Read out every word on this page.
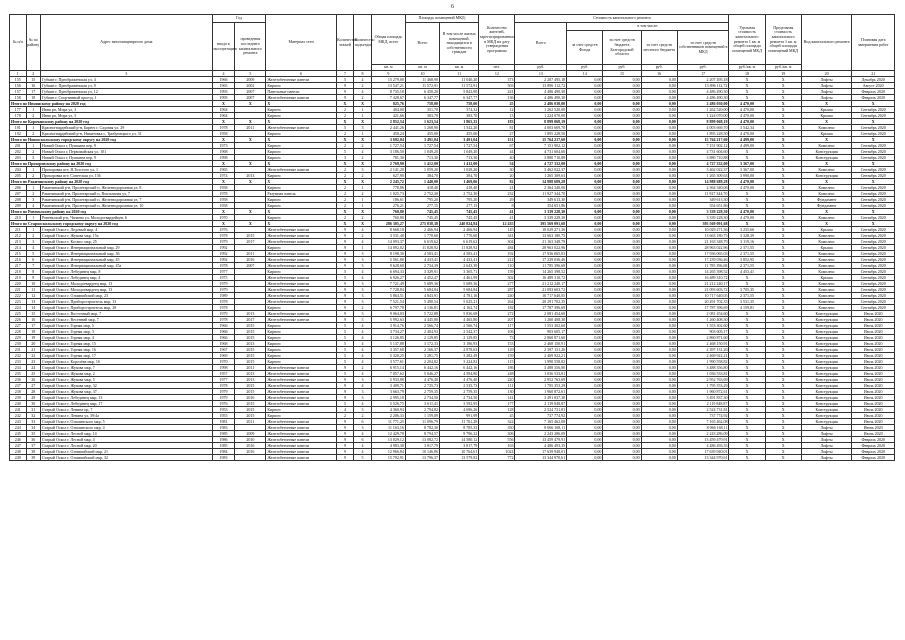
6
№ п/п	№ по району	Адрес многоквартирного дома	Год		Материал стен	Количество этажей	Количество подъездов	Общая площадь МКД, всего	Площадь помещений МКД:		Количество жителей, зарегистрированных в МКД на дату утверждения программы	Стоимость капитального ремонта					Удельная стоимость капитального ремонта 1 кв. м общей площади помещений МКД	Предельная стоимость капитального ремонта 1 кв. м общей площади помещений МКД	Вид капитального ремонта	Плановая дата завершения работ
			ввода в эксплуатацию	проведения последнего капитального ремонта					Всего	В том числе жилых помещений, находящихся в собственности граждан		Всего	в том числе:							
													за счет средств Фонда	за счет средств бюджета Белгородской области	за счет средств местного бюджета	за счет средств собственников помещений в МКД				
								кв. м	кв. м	кв. м	чел.	руб.	руб.	руб.	руб.	руб.	руб./кв. м	руб./кв. м		
1	2	3	4	5	6	7	8	9	10	11	12	13	14	15	16	17	18	19	20	21
155	15	Губкин г, Преображенская ул, 4	1966	2009	Железобетонные панели	5	4	15 279,00	11 468,90	11 040,20	373	2 207 495,18	0,00	0,00	0,00	2 207 495,18	X	X	Лифты	Декабрь 2020
156	16	Губкин г, Преображенская ул, 9	1965	2002	Кирпич	9	2	13 547,21	11 572,91	11 572,91	503	13 896 112,72	0,00	0,00	0,00	13 896 112,72	X	X	Лифты	Август 2020
157	17	Губкин г, Преображенская ул, 12	1993	2007	Панельные панели	9	4	8 735,18	6 450,20	5 843,80	241	4 486 490,30	0,00	0,00	0,00	4 486 490,30	X	X	Лифты	Февраль 2020
158	18	Губкин г, Спортивный проезд, 1	1995	2007	Железобетонные панели	9	2	7 428,67	6 347,77	6 347,77	136	4 486 490,30	0,00	0,00	0,00	4 486 490,30	X	X	Лифты	Февраль 2020
Итого по Ивнянскому району на 2020 год			X	X	X	X	X	825,76	758,00	758,00	25	2 486 030,00	0,00	0,00	0,00	2 486 030,00	4 470,00	X	X	X
177	1	Ивня рп, Мира ул, 3	1964		Кирпич	2	1	404,00	351,70	374,32	12	1 262 520,00	0,00	0,00	0,00	1 262 520,00	4 470,00	X	Крыша	Сентябрь 2020
178	2	Ивня рп, Мира ул, 5	1964		Кирпич	2	1	421,66	383,70	383,70	13	1 224 070,00	0,00	0,00	0,00	1 224 070,00	4 470,00	X	Крыша	Сентябрь 2020
Итого по Корочанскому району на 2020 год			X	X	X	X	X	2 852,54	1 623,54	1 865,25	183	8 899 068,19	0,00	0,00	0,00	8 899 068,19	4 470,00	X	X	X
191	1	Красногвардейский р-н, Бирюч г, Садовая ул, 29	1978	2011	Железобетонные панели	5	3	2 441,26	1 268,90	1 542,20	81	4 003 669,70	0,00	0,00	0,00	4 003 669,70	3 542,34	X	Комплекс	Сентябрь 2020
192	2	Красногвардейский р-н, Никитовка с, Трибунецкого ул, 31	1958		Кирпич	2	1	450,24	455,00	455,00	27	1 895 228,50	0,00	0,00	0,00	1 895 228,50	4 470,00	X	Крыша	Сентябрь 2020
Итого по Новооскольскому городскому округу на 2020 год			X	X	X	X	X	3 692,04	3 491,04	3 491,04	151	15 764 217,60	0,00	0,00	0,00	15 764 217,60	4 499,00	X	X	X
201	1	Новый Оскол г, Пушкина пер, 9	1973		Кирпич	2	2	1 727,54	1 727,54	1 727,54	67	7 151 902,12	0,00	0,00	0,00	7 151 902,12	4 499,00	X	Комплекс	Сентябрь 2020
202	2	Новый Оскол г, Первомайская ул, 101	1968		Кирпич	5	4	3 186,50	1 049,20	1 049,20	44	4 731 604,60	0,00	0,00	0,00	4 731 604,60	X	X	Конструкция	Сентябрь 2020
203	3	Новый Оскол г, Пушкина пер, 9	1998		Кирпич	3	2	781,30	713,30	713,30	40	3 880 710,88	0,00	0,00	0,00	3 880 710,88	X	X	Конструкция	Сентябрь 2020
Итого по Прохоровскому району на 2020 год			X	X	X	X	X	2 769,90	1 412,00	1 412,00	54	4 727 332,00	0,00	0,00	0,00	4 727 332,00	3 367,00	X	X	X
204	1	Прохоровка пгт, Я.Толстого ул, 1	1965		Железобетонные панели	2	3	2 141,20	1 059,20	1 028,20	30	3 462 022,37	0,00	0,00	0,00	3 462 022,37	3 367,00	X	Комплекс	Сентябрь 2020
205	2	Прохоровка пгт, Советская ул, 136	1974	2013	Кирпич	2	2	627,90	384,70	384,70	20	1 265 309,63	0,00	0,00	0,00	1 265 309,63	3 990,00	X	Конструкция	Сентябрь 2020
Итого по Ракитянскому району на 2020 год			X	X	X	X	X	2 245,72	1 440,00	1 469,06	82	14 988 689,28	0,00	0,00	0,00	14 988 689,28	4 470,00	X	X	X
206	1	Ракитянский р-н, Пролетарский п, Железнодорожная ул, 8	1958		Кирпич	2	1	778,86	418,40	418,40	21	2 364 340,06	0,00	0,00	0,00	2 364 340,06	4 470,00	X	Комплекс	Сентябрь 2020
207	2	Ракитянский р-н, Пролетарский п, Вокзальная ул, 7	1978		Разумная панель	2	2	1 025,73	2 752,30	2 752,30	232	11 927 344,70	0,00	0,00	0,00	11 927 344,70	X	X	Комплекс	Сентябрь 2020
208	3	Ракитянский р-н, Пролетарский п, Железнодорожная ул, 7	1958		Кирпич	2	1	186,61	795,20	795,20	29	349 613,30	0,00	0,00	0,00	349 613,30	X	X	Фундамент	Сентябрь 2020
209	4	Ракитянский р-н, Пролетарский п, Железнодорожная ул, 10	1958		Кирпич	2	1	276,21	277,15	277,15	8	354 651,86	0,00	0,00	0,00	354 651,86	X	X	Фундамент	Сентябрь 2020
Итого по Ровеньскому району на 2020 год			X	X	X	X	X	760,80	745,45	745,45	41	3 339 228,30	0,00	0,00	0,00	3 339 228,30	4 470,00	X	X	X
210	1	Ровеньский р-н, Чапаева ул, Молодогвардейцев, 6	1970		Кирпич	2	2	760,80	745,45	745,45	41	3 339 228,30	0,00	0,00	0,00	3 339 228,30	4 470,00	X	Комплекс	Сентябрь 2020
Итого по Старооскольскому городскому округу на 2020 год			X	X	X	X	X	286 305,27	275 038,38	240 824,84	12 435	395 569 091,68	0,00	0,00	0,00	395 569 091,68	X	X	X	X
211	1	Старый Оскол г, Ледовый мкр, 4	1976		Железобетонные панели	9	4	8 668,18	2 466,94	2 466,94	145	10 029 271,36	0,00	0,00	0,00	10 029 271,36	3 235,66	X	Крыша	Сентябрь 2020
212	2	Старый Оскол г, Жукова мкр, 15а	1978	2015	Железобетонные панели	9	2	3 531,40	1 770,60	1 770,60	341	13 663 180,75	0,00	0,00	0,00	13 663 180,75	3 328,39	X	Комплекс	Сентябрь 2020
213	3	Старый Оскол г, Космос мкр, 25	1979	2017	Железобетонные панели	9	4	14 093,37	6 619,62	6 619,62	304	21 163 348,79	0,00	0,00	0,00	21 163 348,79	3 119,16	X	Комплекс	Сентябрь 2020
214	4	Старый Оскол г, Интернациональный мкр, 29	1992		Кирпич	9	1	14 092,02	11 828,92	11 828,92	484	28 963 022,96	0,00	0,00	0,00	28 963 022,96	2 371,55	X	Крыша	Сентябрь 2020
215	5	Старый Оскол г, Интернациональный мкр, 36	1992	2011	Железобетонные панели	9	3	8 198,30	4 583,41	4 583,41	192	17 936 065,03	0,00	0,00	0,00	17 936 065,03	2 371,55	X	Комплекс	Сентябрь 2020
216	6	Старый Оскол г, Интернациональный мкр, 45	1992	2016	Железобетонные панели	9	3	5 561,80	4 433,41	4 433,41	212	17 239 036,46	0,00	0,00	0,00	17 239 036,46	3 852,95	X	Комплекс	Сентябрь 2020
217	7	Старый Оскол г, Интернациональный мкр, 45а	1978	2007	Железобетонные панели	9	3	9 628,60	2 734,39	2 643,39	110	11 785 396,68	0,00	0,00	0,00	11 785 396,68	2 371,55	X	Комплекс	Сентябрь 2020
218	8	Старый Оскол г, Лебединец мкр, 8	1977		Кирпич	5	4	6 694,33	3 329,91	3 365,71	159	14 265 398,52	0,00	0,00	0,00	14 265 398,52	4 453,41	X	Комплекс	Сентябрь 2020
219	9	Старый Оскол г, Лебединец мкр, 4	1975		Железобетонные панели	5	4	6 926,27	4 452,47	4 461,99	302	16 489 310,72	0,00	0,00	0,00	16 489 310,72	X	X	Крыша	Сентябрь 2020
220	10	Старый Оскол г, Молодогвардеец мкр, 13	1979		Железобетонные панели	9	3	7 721,49	5 689,36	5 689,36	277	21 212 240,17	0,00	0,00	0,00	21 212 240,17	X	X	Комплекс	Сентябрь 2020
221	11	Старый Оскол г, Молодогвардеец мкр, 13	1979		Железобетонные панели	9	3	7 728,84	5 684,84	5 684,84	287	21 093 603,72	0,00	0,00	0,00	21 093 603,72	3 705,35	X	Комплекс	Сентябрь 2020
222	12	Старый Оскол г, Олимпийский мкр, 23	1989		Железобетонные панели	9	3	5 864,51	4 843,91	4 781,16	240	10 717 640,05	0,00	0,00	0,00	10 717 640,05	2 371,55	X	Комплекс	Сентябрь 2020
223	13	Старый Оскол г, Приборостроитель мкр, 13	1978		Железобетонные панели	9	3	7 521,54	5 490,54	5 025,21	264	20 291 702,35	0,00	0,00	0,00	20 291 702,35	3 531,35	X	Комплекс	Сентябрь 2020
224	14	Старый Оскол г, Приборостроитель мкр, 28	1978		Кирпич	9	2	6 797,78	4 136,81	4 162,74	182	17 787 396,69	0,00	0,00	0,00	17 787 396,69	4 159,81	X	Комплекс	Сентябрь 2020
225	15	Старый Оскол г, Восточный мкр, 7	1979	2013	Железобетонные панели	9	3	9 064,03	5 722,88	5 836,68	272	2 081 454,60	0,00	0,00	0,00	2 081 454,60	X	X	Конструкция	Июль 2020
226	16	Старый Оскол г, Весенний мкр, 7	1978	2017	Железобетонные панели	9	5	5 992,63	4 445,80	4 465,80	207	1 260 408,30	0,00	0,00	0,00	1 260 408,30	X	X	Конструкция	Июль 2020
227	17	Старый Оскол г, Горняк мкр, 5	1966	2015	Кирпич	5	4	3 914,76	2 566,74	2 566,74	117	1 553 302,60	0,00	0,00	0,00	1 553 302,60	X	X	Конструкция	Июль 2020
228	18	Старый Оскол г, Горняк мкр, 3	1966	2015	Кирпич	5	4	3 734,27	2 404,93	2 542,37	106	903 605,17	0,00	0,00	0,00	903 605,17	X	X	Конструкция	Июль 2020
229	19	Старый Оскол г, Горняк мкр, 4	1966	2015	Кирпич	5	4	3 126,85	2 129,85	2 129,85	73	2 860 871,60	0,00	0,00	0,00	2 860 871,60	X	X	Конструкция	Июль 2020
230	20	Старый Оскол г, Горняк мкр, 15	1968	2013	Кирпич	5	4	5 137,88	3 172,33	3 186,93	153	2 468 150,91	0,00	0,00	0,00	2 468 150,91	X	X	Конструкция	Июль 2020
231	21	Старый Оскол г, Горняк мкр, 16	1967	2015	Кирпич	5	4	3 357,68	2 166,37	2 878,63	129	2 397 131,26	0,00	0,00	0,00	2 397 131,26	X	X	Конструкция	Июль 2020
232	22	Старый Оскол г, Горняк мкр, 17	1969	2015	Кирпич	5	4	5 320,25	3 281,75	3 282,49	159	2 469 922,21	0,00	0,00	0,00	2 469 922,21	X	X	Конструкция	Июль 2020
233	23	Старый Оскол г, Королёва мкр, 16	1970	2015	Кирпич	5	4	3 577,61	2 204,82	3 224,82	115	1 990 558,82	0,00	0,00	0,00	1 990 558,82	X	X	Конструкция	Июль 2020
234	24	Старый Оскол г, Жукова мкр, 7	1998	2011	Железобетонные панели	9	2	6 915,14	6 442,16	6 442,16	186	3 488 356,80	0,00	0,00	0,00	3 488 356,80	X	X	Конструкция	Июль 2020
235	25	Старый Оскол г, Жукова мкр, 2	1957	2013	Железобетонные панели	5	4	7 057,62	5 046,27	4 584,80	248	1 036 533,81	0,00	0,00	0,00	1 036 533,81	X	X	Конструкция	Июль 2020
236	26	Старый Оскол г, Жукова мкр, 5	1977	2013	Железобетонные панели	9	3	5 933,88	4 476,40	4 476,40	220	2 952 763,69	0,00	0,00	0,00	2 952 763,69	X	X	Конструкция	Июль 2020
237	27	Старый Оскол г, Жукова мкр, 32	1978	2015	Железобетонные панели	9	4	3 409,71	2 735,73	2 535,73	111	1 795 353,29	0,00	0,00	0,00	1 795 353,29	X	X	Конструкция	Июль 2020
238	28	Старый Оскол г, Жукова мкр, 37	1979	2015	Железобетонные панели	9	3	3 663,79	2 759,35	2 759,35	130	1 960 872,61	0,00	0,00	0,00	1 960 872,61	X	X	Конструкция	Июль 2020
239	29	Старый Оскол г, Лебединец мкр, 13	1979	2016	Железобетонные панели	9	3	2 995,18	2 734,50	2 734,50	141	3 491 837,30	0,00	0,00	0,00	3 491 837,30	X	X	Конструкция	Июль 2020
240	30	Старый Оскол г, Лебединец мкр, 17	1976	2015	Железобетонные панели	5	4	5 526,75	3 611,41	3 592,95	177	2 119 848,87	0,00	0,00	0,00	2 119 848,87	X	X	Конструкция	Июль 2020
241	31	Старый Оскол г, Ленина пр, 7	1953	2015	Кирпич	4	3	4 360,94	2 794,82	4 696,26	128	2 524 731,81	0,00	0,00	0,00	2 524 731,81	X	X	Конструкция	Июль 2020
242	32	Старый Оскол г, Ленина ул, 39/4а	1955	2015	Кирпич	2	2	2 206,33	1 159,09	991,99	45	737 774,92	0,00	0,00	0,00	737 774,92	X	X	Конструкция	Июль 2020
243	33	Старый Оскол г, Ольминского мкр, 5	1981	2011	Железобетонные панели	9	6	11 771,25	11 096,79	11 761,28	322	7 165 462,08	0,00	0,00	0,00	7 165 462,08	X	X	Конструкция	Июль 2020
244	34	Старый Оскол г, Ольминского мкр, 4	1983		Железобетонные панели	9	3	11 163,16	8 782,30	8 785,33	350	8 066 168,11	0,00	0,00	0,00	8 066 168,11	X	X	Лифты	Июнь 2020
245	35	Старый Оскол г, Лесной мкр, 14	1985	2009	Железобетонные панели	9	4	12 429,78	8 794,57	9 796,22	306	2 243 286,09	0,00	0,00	0,00	2 243 286,09	X	X	Лифты	Июнь 2020
246	36	Старый Оскол г, Лесной мкр, 4	1986	2010	Железобетонные панели	9	6	13 029,12	13 082,72	14 580,12	556	13 459 479,91	0,00	0,00	0,00	13 459 479,91	X	X	Лифты	Февраль 2020
247	37	Старый Оскол г, Лесной мкр, 20	1985	2016	Железобетонные панели	9	4	4 983,38	3 817,79	3 817,79	163	4 486 493,35	0,00	0,00	0,00	4 486 493,35	X	X	Лифты	Февраль 2020
248	38	Старый Оскол г, Олимпийский мкр, 21	1984	2016	Железобетонные панели	9	4	12 966,84	10 146,86	10 764,61	1024	17 639 940,01	0,00	0,00	0,00	17 639 940,01	X	X	Лифты	Февраль 2020
249	39	Старый Оскол г, Олимпийский мкр, 32	1983		Железобетонные панели	9	5	15 792,91	13 796,37	13 579,82	772	13 344 970,61	0,00	0,00	0,00	13 344 970,61	X	X	Лифты	Февраль 2020
